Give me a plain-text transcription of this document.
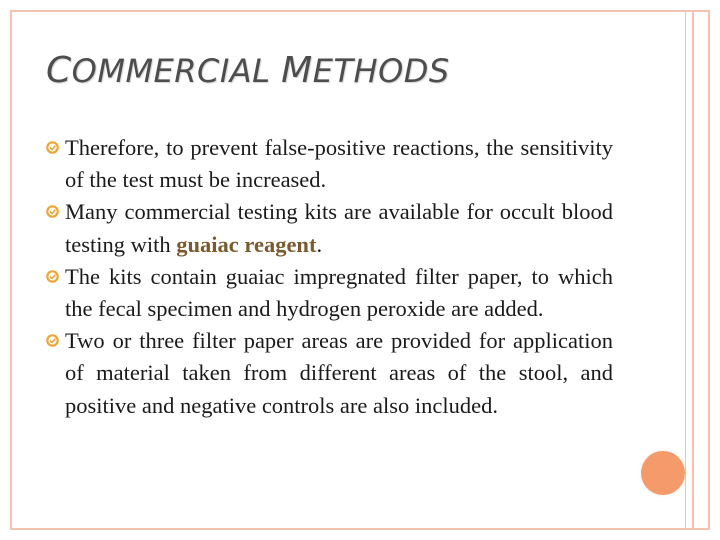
COMMERCIAL METHODS
Therefore, to prevent false-positive reactions, the sensitivity of the test must be increased.
Many commercial testing kits are available for occult blood testing with guaiac reagent.
The kits contain guaiac impregnated filter paper, to which the fecal specimen and hydrogen peroxide are added.
Two or three filter paper areas are provided for application of material taken from different areas of the stool, and positive and negative controls are also included.
